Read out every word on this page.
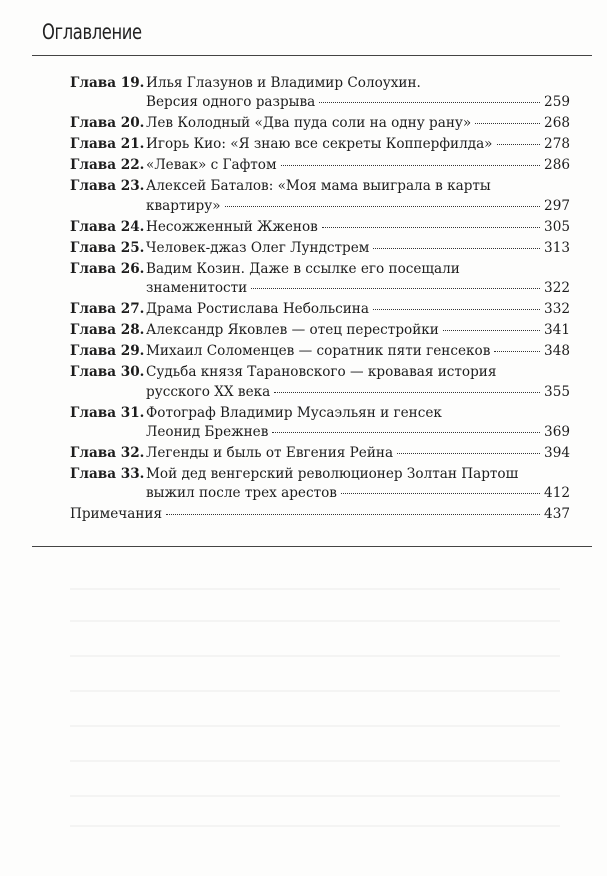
Оглавление
Глава 19. Илья Глазунов и Владимир Солоухин.
Версия одного разрыва	259
Глава 20. Лев Колодный «Два пуда соли на одну рану»	268
Глава 21. Игорь Кио: «Я знаю все секреты Копперфилда»	278
Глава 22. «Левак» с Гафтом	286
Глава 23. Алексей Баталов: «Моя мама выиграла в карты
квартиру»	297
Глава 24. Несожженный Жженов	305
Глава 25. Человек-джаз Олег Лундстрем	313
Глава 26. Вадим Козин. Даже в ссылке его посещали
знаменитости	322
Глава 27. Драма Ростислава Небольсина	332
Глава 28. Александр Яковлев — отец перестройки	341
Глава 29. Михаил Соломенцев — соратник пяти генсеков	348
Глава 30. Судьба князя Тарановского — кровавая история
русского XX века	355
Глава 31. Фотограф Владимир Мусаэльян и генсек
Леонид Брежнев	369
Глава 32. Легенды и быль от Евгения Рейна	394
Глава 33. Мой дед венгерский революционер Золтан Партош
выжил после трех арестов	412
Примечания	437
